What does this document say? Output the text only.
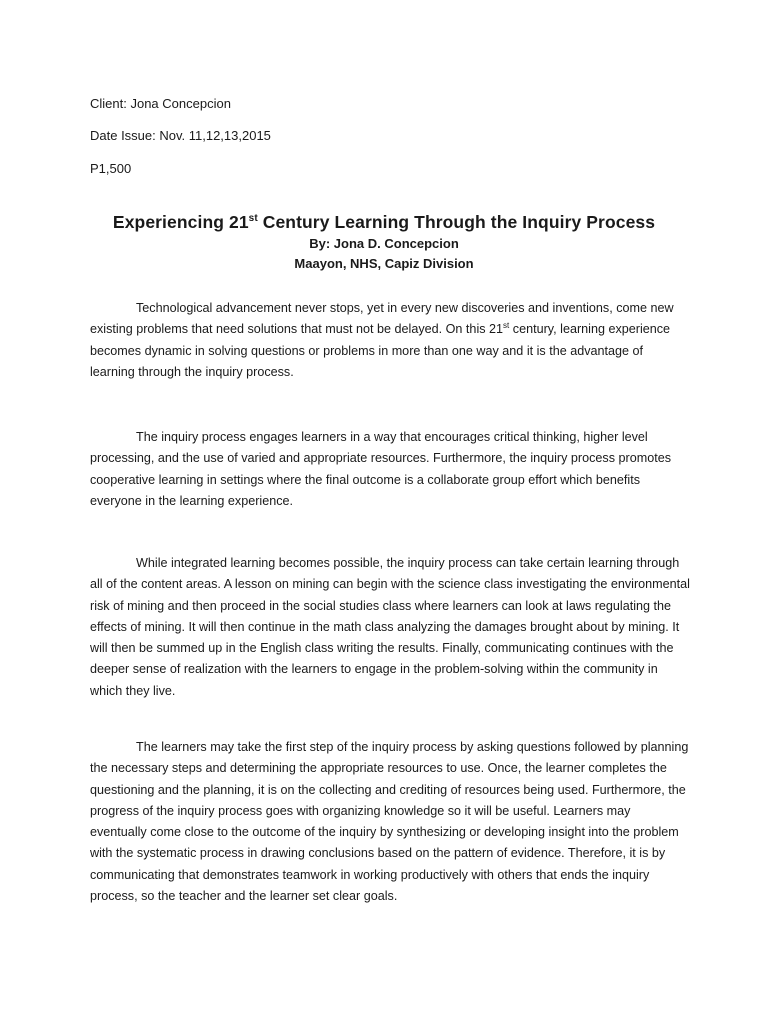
Client: Jona Concepcion
Date Issue: Nov. 11,12,13,2015
P1,500
Experiencing 21st Century Learning Through the Inquiry Process
By: Jona D. Concepcion
Maayon, NHS, Capiz Division

Technological advancement never stops, yet in every new discoveries and inventions, come new existing problems that need solutions that must not be delayed. On this 21st century, learning experience becomes dynamic in solving questions or problems in more than one way and it is the advantage of learning through the inquiry process.

The inquiry process engages learners in a way that encourages critical thinking, higher level processing, and the use of varied and appropriate resources. Furthermore, the inquiry process promotes cooperative learning in settings where the final outcome is a collaborate group effort which benefits everyone in the learning experience.

While integrated learning becomes possible, the inquiry process can take certain learning through all of the content areas. A lesson on mining can begin with the science class investigating the environmental risk of mining and then proceed in the social studies class where learners can look at laws regulating the effects of mining. It will then continue in the math class analyzing the damages brought about by mining. It will then be summed up in the English class writing the results. Finally, communicating continues with the deeper sense of realization with the learners to engage in the problem-solving within the community in which they live.

The learners may take the first step of the inquiry process by asking questions followed by planning the necessary steps and determining the appropriate resources to use. Once, the learner completes the questioning and the planning, it is on the collecting and crediting of resources being used. Furthermore, the progress of the inquiry process goes with organizing knowledge so it will be useful. Learners may eventually come close to the outcome of the inquiry by synthesizing or developing insight into the problem with the systematic process in drawing conclusions based on the pattern of evidence. Therefore, it is by communicating that demonstrates teamwork in working productively with others that ends the inquiry process, so the teacher and the learner set clear goals.
